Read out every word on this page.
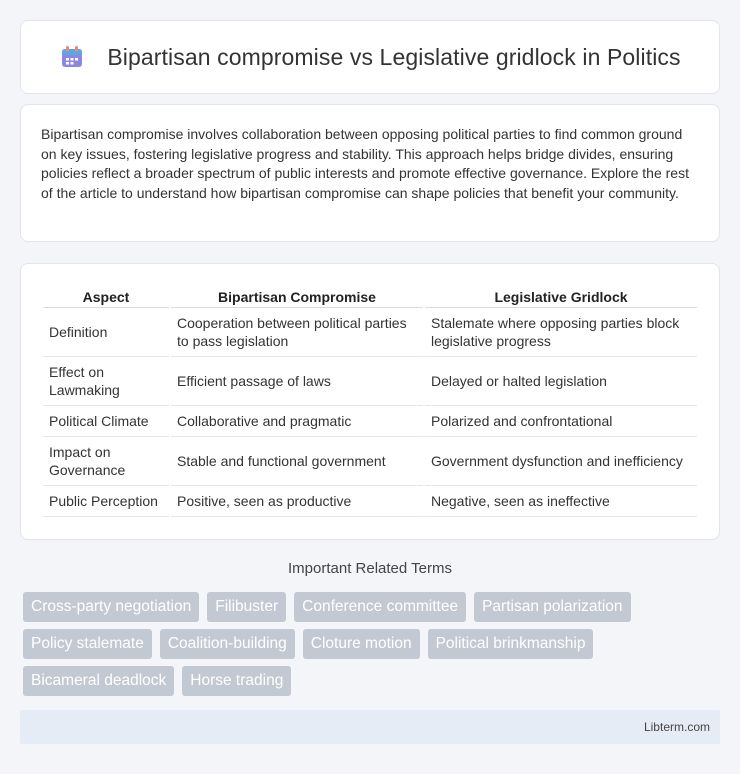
Bipartisan compromise vs Legislative gridlock in Politics

Bipartisan compromise involves collaboration between opposing political parties to find common ground on key issues, fostering legislative progress and stability. This approach helps bridge divides, ensuring policies reflect a broader spectrum of public interests and promote effective governance. Explore the rest of the article to understand how bipartisan compromise can shape policies that benefit your community.

Aspect	Bipartisan Compromise	Legislative Gridlock
Definition	Cooperation between political parties to pass legislation	Stalemate where opposing parties block legislative progress
Effect on Lawmaking	Efficient passage of laws	Delayed or halted legislation
Political Climate	Collaborative and pragmatic	Polarized and confrontational
Impact on Governance	Stable and functional government	Government dysfunction and inefficiency
Public Perception	Positive, seen as productive	Negative, seen as ineffective
Important Related Terms
Cross-party negotiation	Filibuster	Conference committee	Partisan polarization
Policy stalemate	Coalition-building	Cloture motion	Political brinkmanship
Bicameral deadlock	Horse trading
Libterm.com
